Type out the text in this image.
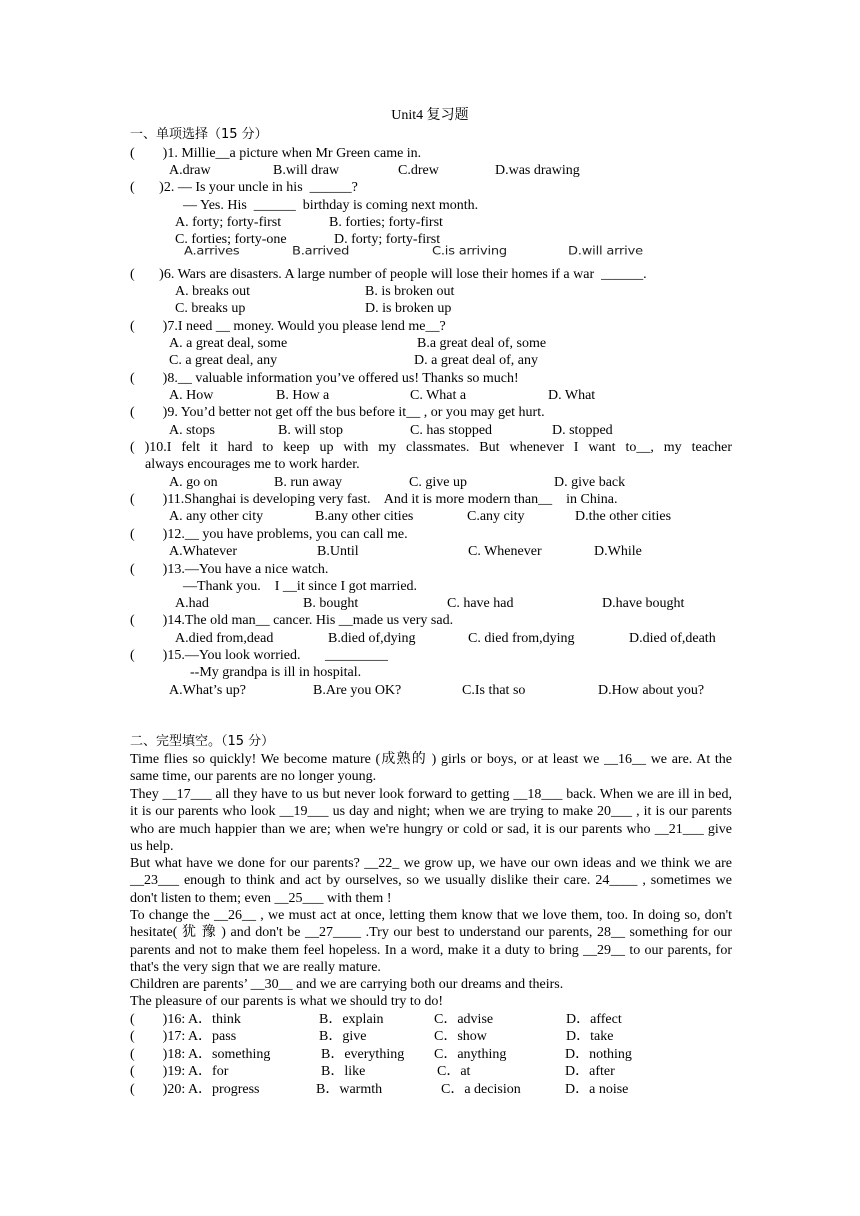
Unit4 复习题
一、单项选择（15 分）
(        )1. Millie__a picture when Mr Green came in.
A.draw	B.will draw	C.drew	D.was drawing
(       )2. — Is your uncle in his  ______?
— Yes. His  ______  birthday is coming next month.
A. forty; forty-first	B. forties; forty-first
C. forties; forty-one	D. forty; forty-first
A.arrives	B.arrived	C.is arriving	D.will arrive
(       )6. Wars are disasters. A large number of people will lose their homes if a war  ______.
A. breaks out	B. is broken out
C. breaks up	D. is broken up
(        )7.I need __ money. Would you please lend me__?
A. a great deal, some	B.a great deal of, some
C. a great deal, any	D. a great deal of, any
(        )8.__ valuable information you’ve offered us! Thanks so much!
A. How	B. How a	C. What a	D. What
(        )9. You’d better not get off the bus before it__ , or you may get hurt.
A. stops	B. will stop	C. has stopped	D. stopped
( )10.I felt it hard to keep up with my classmates. But whenever I want to__, my teacher
always encourages me to work harder.
A. go on	B. run away	C. give up	D. give back
(        )11.Shanghai is developing very fast.    And it is more modern than__    in China.
A. any other city	B.any other cities	C.any city	D.the other cities
(        )12.__ you have problems, you can call me.
A.Whatever	B.Until	C. Whenever	D.While
(        )13.—You have a nice watch.
—Thank you.    I __it since I got married.
A.had	B. bought	C. have had	D.have bought
(        )14.The old man__ cancer. His __made us very sad.
A.died from,dead	B.died of,dying	C. died from,dying	D.died of,death
(        )15.—You look worried.       _________
--My grandpa is ill in hospital.
A.What’s up?	B.Are you OK?	C.Is that so	D.How about you?
二、完型填空。（15 分）
Time flies so quickly! We become mature (成熟的 ) girls or boys, or at least we __16__ we are. At the same time, our parents are no longer young.
They __17___ all they have to us but never look forward to getting __18___ back. When we are ill in bed, it is our parents who look __19___ us day and night; when we are trying to make 20___ , it is our parents who are much happier than we are; when we're hungry or cold or sad, it is our parents who __21___ give us help.
But what have we done for our parents? __22_ we grow up, we have our own ideas and we think we are __23___ enough to think and act by ourselves, so we usually dislike their care. 24____ , sometimes we don't listen to them; even __25___ with them !
To change the __26__ , we must act at once, letting them know that we love them, too. In doing so, don't hesitate( 犹 豫 ) and don't be __27____ .Try our best to understand our parents, 28__ something for our parents and not to make them feel hopeless. In a word, make it a duty to bring __29__ to our parents, for that's the very sign that we are really mature.
Children are parents’ __30__ and we are carrying both our dreams and theirs.
The pleasure of our parents is what we should try to do!
(        )16: A．think	B．explain	C．advise	D．affect
(        )17: A．pass	B．give	C．show	D．take
(        )18: A．something	B．everything C．anything	D．nothing
(        )19: A．for	B．like	C．at	D．after
(        )20: A．progress	B．warmth	C．a decision	D．a noise
